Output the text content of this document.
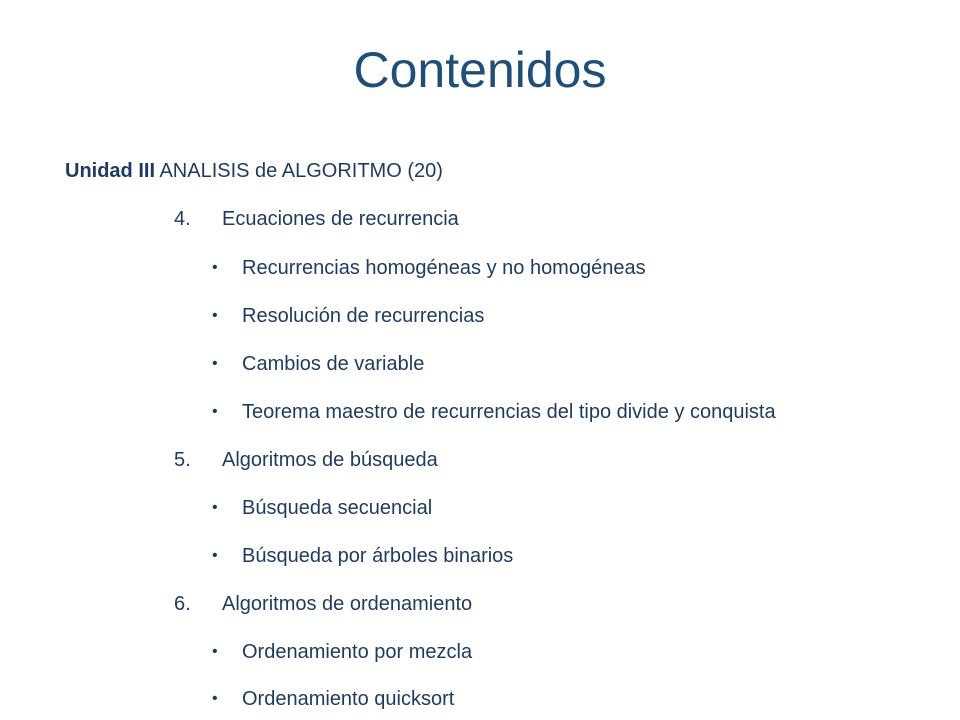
Contenidos
Unidad III ANALISIS de ALGORITMO (20)
4. Ecuaciones de recurrencia
• Recurrencias homogéneas y no homogéneas
• Resolución de recurrencias
• Cambios de variable
• Teorema maestro de recurrencias del tipo divide y conquista
5. Algoritmos de búsqueda
• Búsqueda secuencial
• Búsqueda por árboles binarios
6. Algoritmos de ordenamiento
• Ordenamiento por mezcla
• Ordenamiento quicksort
